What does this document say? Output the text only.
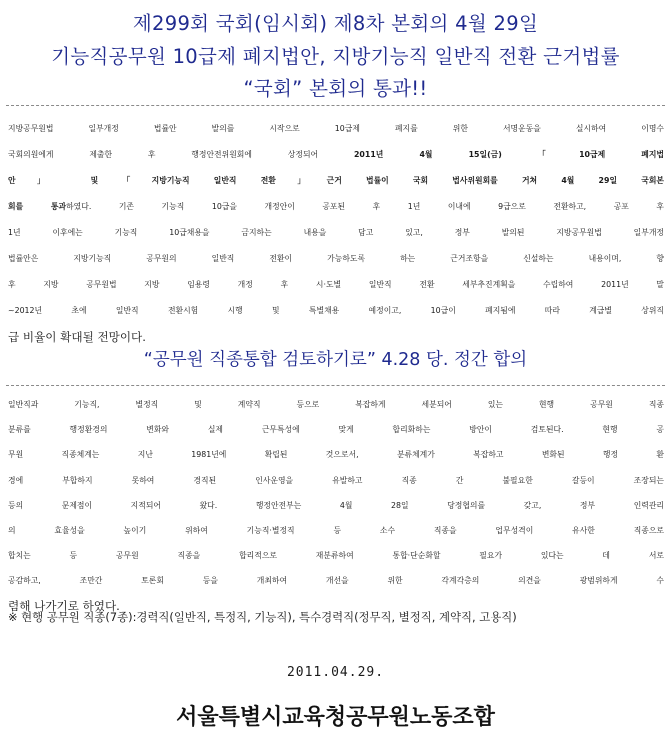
제299회 국회(임시회) 제8차 본회의 4월 29일
기능직공무원 10급제 폐지법안, 지방기능직 일반직 전환 근거법률
“국회” 본회의 통과!!
지방공무원법 일부개정 법률안 발의를 시작으로 10급제 폐지를 위한 서명운동을 실시하여 이명수
국회의원에게 제출한 후 행정안전위원회에 상정되어 2011년 4월 15일(금) 「10급제 폐지법
안」 및 「지방기능직 일반직 전환」근거 법률이 국회 법사위원회를 거쳐 4월 29일 국회본
회를 통과하였다. 기존 기능직 10급을 개정안이 공포된 후 1년 이내에 9급으로 전환하고, 공포 후
1년 이후에는 기능직 10급채용을 금지하는 내용을 담고 있고, 정부 발의된 지방공무원법 일부개정
법률안은 지방기능직 공무원의 일반직 전환이 가능하도록 하는 근거조항을 신설하는 내용이며, 향
후 지방 공무원법 지방 임용령 개정 후 시·도별 일반직 전환 세부추진계획을 수립하여 2011년 말
~2012년 초에 일반직 전환시험 시행 및 특별채용 예정이고, 10급이 폐지됨에 따라 계급별 상위직
급 비율이 확대될 전망이다.
“공무원 직종통합 검토하기로” 4.28 당. 정간 합의
일반직과 기능직, 별정직 및 계약직 등으로 복잡하게 세분되어 있는 현행 공무원 직종
분류를 행정환경의 변화와 실제 근무특성에 맞게 합리화하는 방안이 검토된다. 현행 공
무원 직종체계는 지난 1981년에 확립된 것으로서, 분류체계가 복잡하고 변화된 행정 환
경에 부합하지 못하여 경직된 인사운영을 유발하고 직종 간 불필요한 갈등이 조장되는
등의 문제점이 지적되어 왔다. 행정안전부는 4월 28일 당정협의를 갖고, 정부 인력관리
의 효율성을 높이기 위하여 기능직·별정직 등 소수 직종을 업무성격이 유사한 직종으로
합치는 등 공무원 직종을 합리적으로 재분류하여 통합·단순화할 필요가 있다는 데 서로
공감하고, 조만간 토론회 등을 개최하여 개선을 위한 각계각층의 의견을 광범위하게 수
렴해 나가기로 하였다.
※ 현행 공무원 직종(7종):경력직(일반직, 특정직, 기능직), 특수경력직(정무직, 별정직, 계약직, 고용직)
2011.04.29.
서울특별시교육청공무원노동조합
